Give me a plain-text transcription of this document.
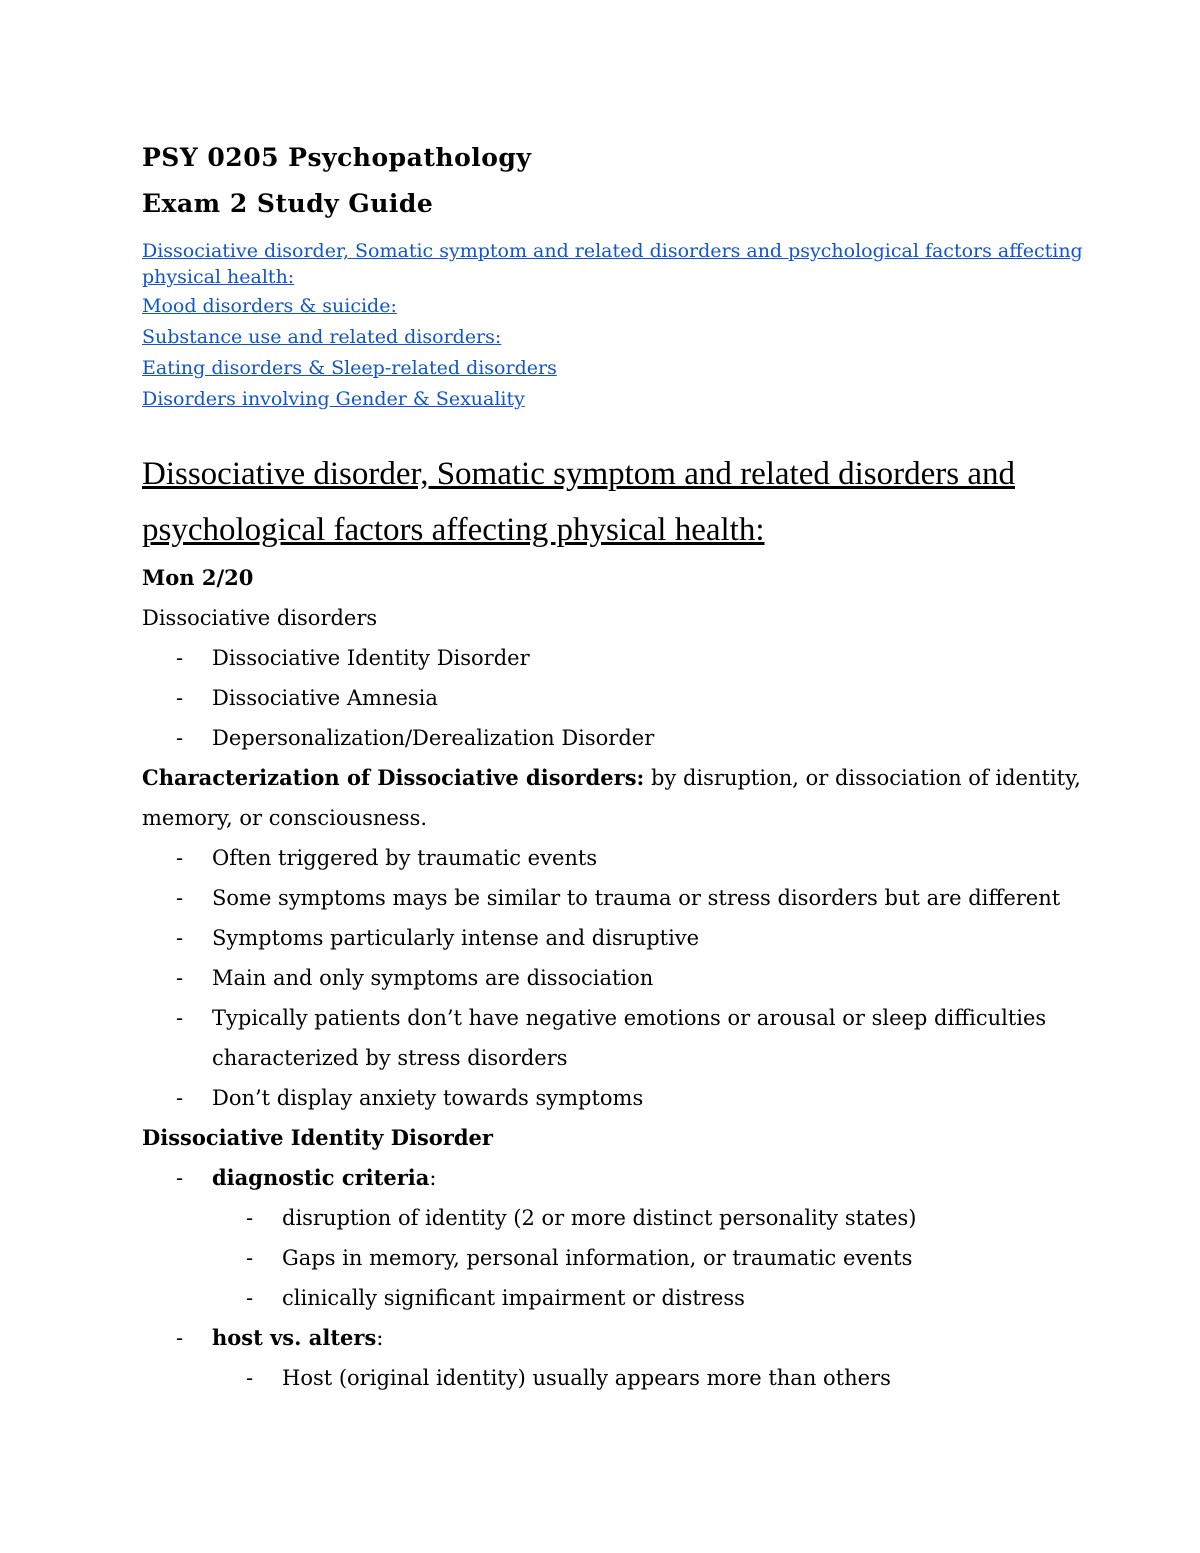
PSY 0205 Psychopathology
Exam 2 Study Guide
Dissociative disorder, Somatic symptom and related disorders and psychological factors affecting physical health:
Mood disorders & suicide:
Substance use and related disorders:
Eating disorders & Sleep-related disorders
Disorders involving Gender & Sexuality
Dissociative disorder, Somatic symptom and related disorders and psychological factors affecting physical health:

Mon 2/20

Dissociative disorders

- Dissociative Identity Disorder
- Dissociative Amnesia
- Depersonalization/Derealization Disorder

Characterization of Dissociative disorders: by disruption, or dissociation of identity, memory, or consciousness.

- Often triggered by traumatic events
- Some symptoms mays be similar to trauma or stress disorders but are different
- Symptoms particularly intense and disruptive
- Main and only symptoms are dissociation
- Typically patients don’t have negative emotions or arousal or sleep difficulties characterized by stress disorders
- Don’t display anxiety towards symptoms

Dissociative Identity Disorder

- diagnostic criteria:
- disruption of identity (2 or more distinct personality states)
- Gaps in memory, personal information, or traumatic events
- clinically significant impairment or distress
- host vs. alters:
- Host (original identity) usually appears more than others
